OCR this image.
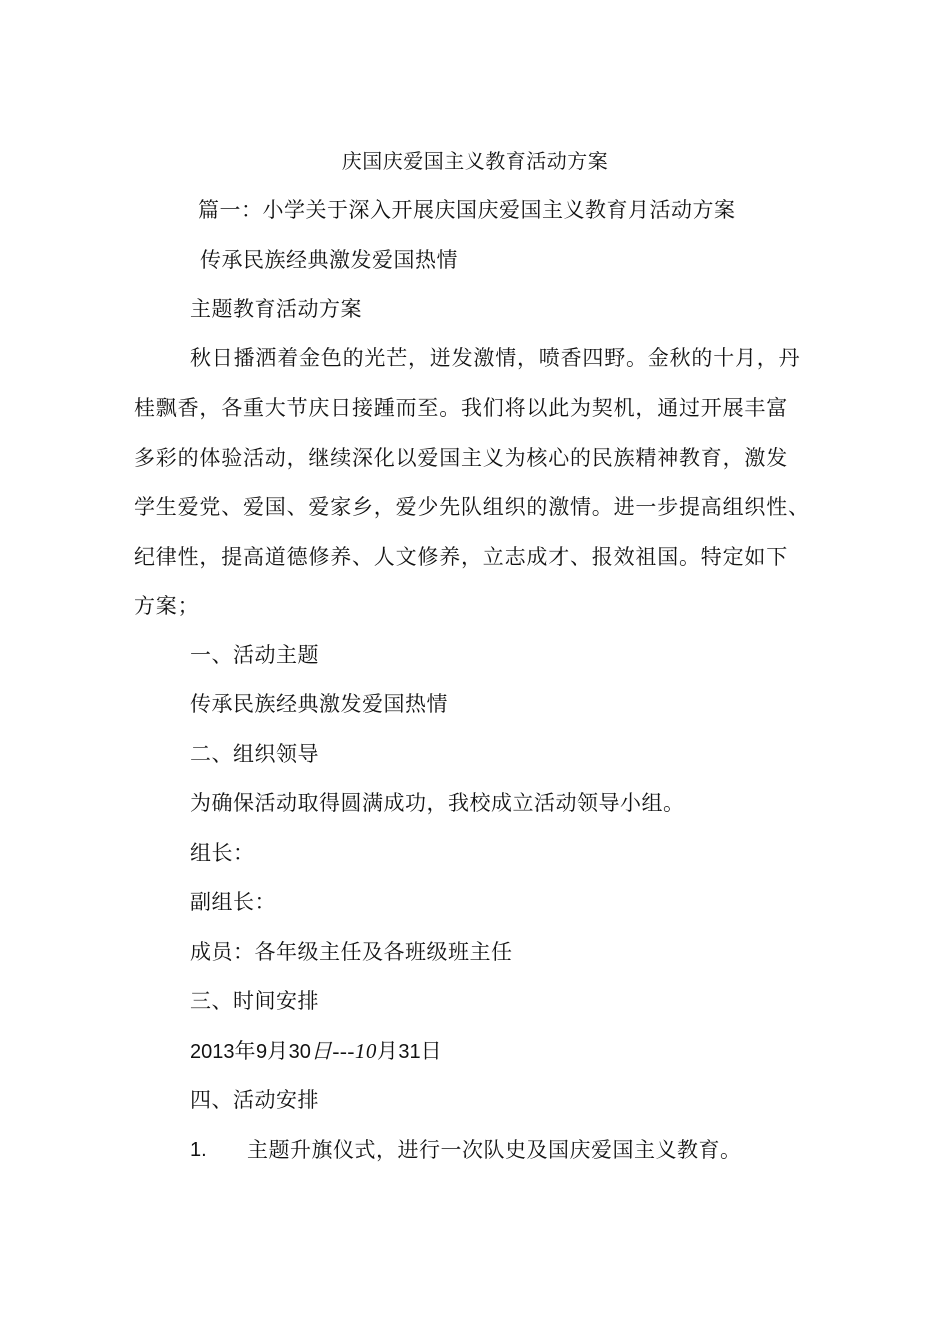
庆国庆爱国主义教育活动方案
篇一：小学关于深入开展庆国庆爱国主义教育月活动方案
传承民族经典激发爱国热情
主题教育活动方案
秋日播洒着金色的光芒，迸发激情，喷香四野。金秋的十月，丹
桂飘香，各重大节庆日接踵而至。我们将以此为契机，通过开展丰富
多彩的体验活动，继续深化以爱国主义为核心的民族精神教育，激发
学生爱党、爱国、爱家乡，爱少先队组织的激情。进一步提高组织性、
纪律性，提高道德修养、人文修养，立志成才、报效祖国。特定如下
方案；
一、活动主题
传承民族经典激发爱国热情
二、组织领导
为确保活动取得圆满成功，我校成立活动领导小组。
组长：
副组长：
成员：各年级主任及各班级班主任
三、时间安排
2013年9月30日---10月31日
四、活动安排
1. 主题升旗仪式，进行一次队史及国庆爱国主义教育。
